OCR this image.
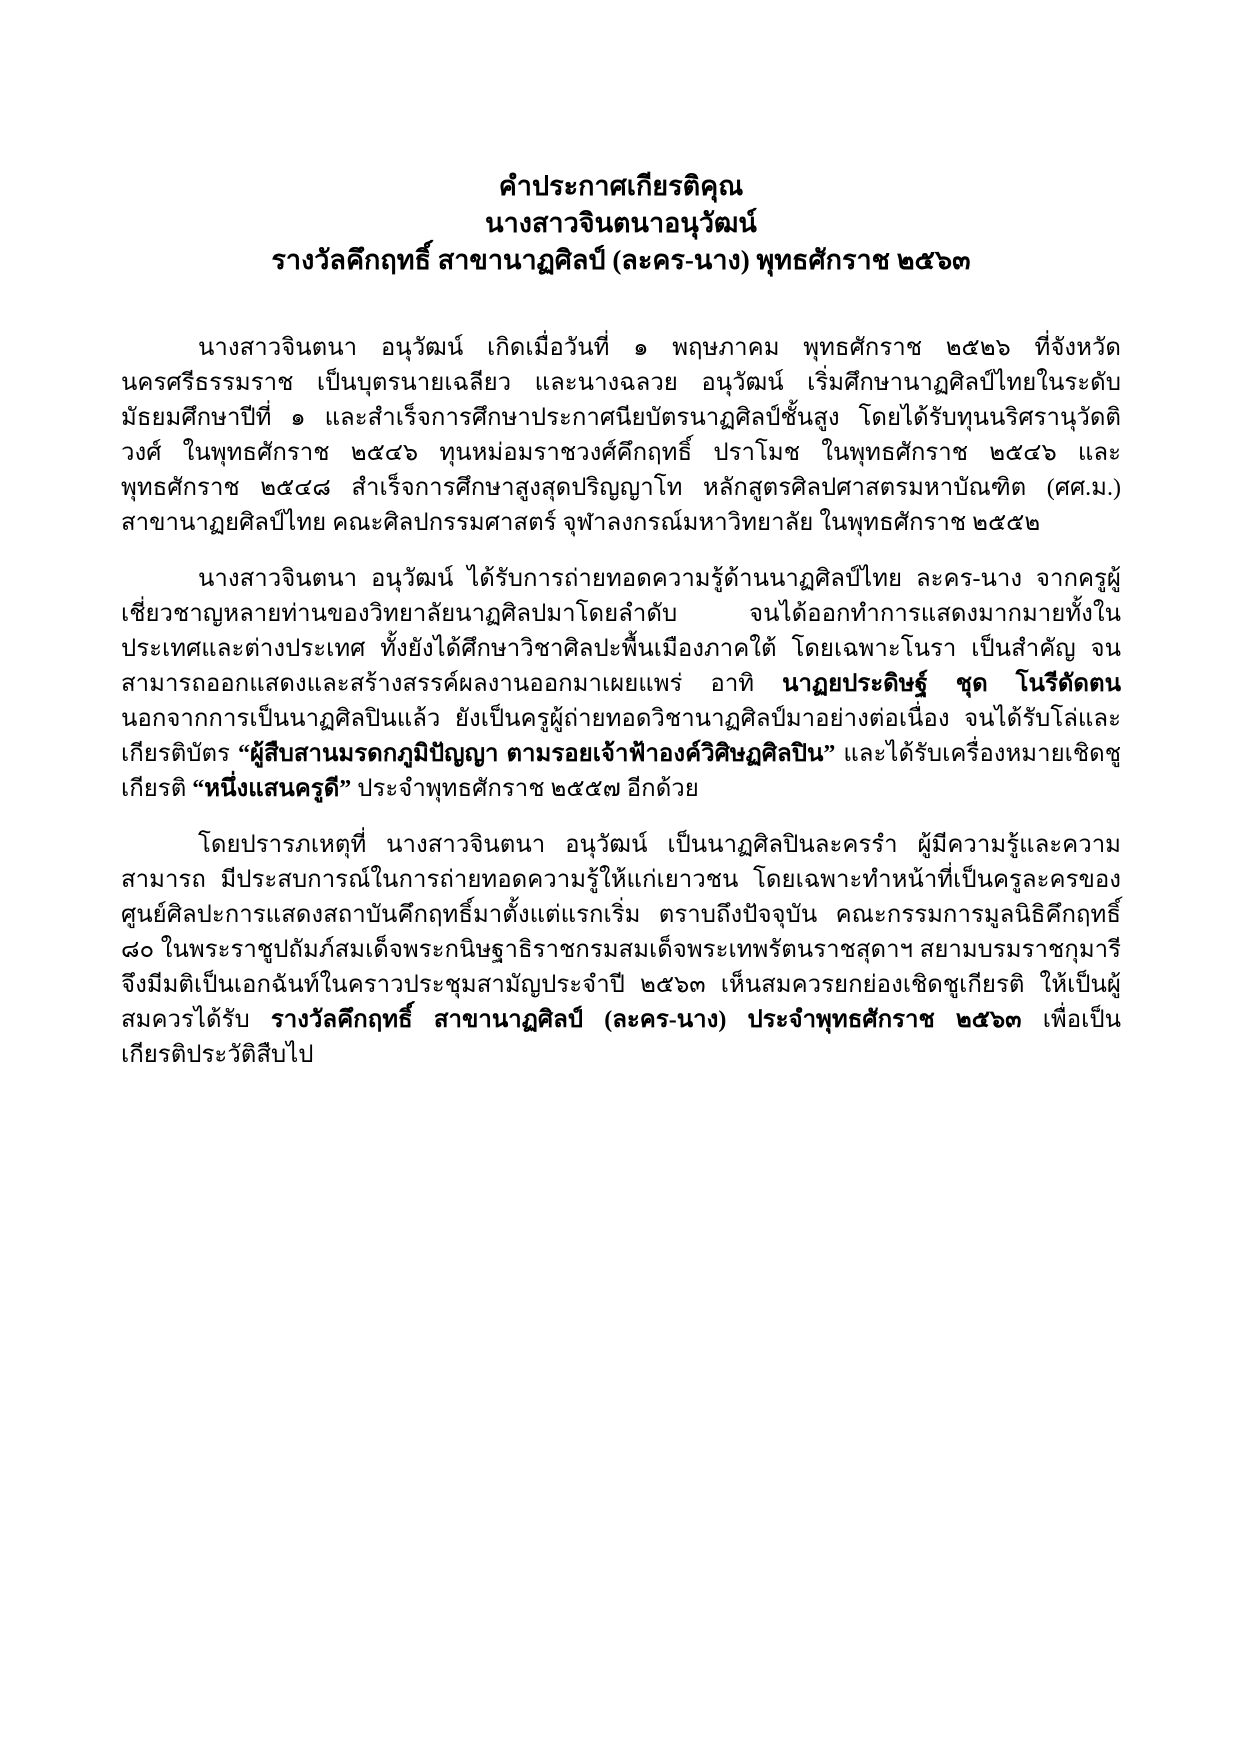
คำประกาศเกียรติคุณ
นางสาวจินตนาอนุวัฒน์
รางวัลคึกฤทธิ์ สาขานาฏศิลป์ (ละคร-นาง) พุทธศักราช ๒๕๖๓

นางสาวจินตนา อนุวัฒน์ เกิดเมื่อวันที่ ๑ พฤษภาคม พุทธศักราช ๒๕๒๖ ที่จังหวัดนครศรีธรรมราช เป็นบุตรนายเฉลียว และนางฉลวย อนุวัฒน์ เริ่มศึกษานาฏศิลป์ไทยในระดับมัธยมศึกษาปีที่ ๑ และสำเร็จการศึกษาประกาศนียบัตรนาฏศิลป์ชั้นสูง โดยได้รับทุนนริศรานุวัดติวงศ์ ในพุทธศักราช ๒๕๔๖ ทุนหม่อมราชวงศ์คึกฤทธิ์ ปราโมช ในพุทธศักราช ๒๕๔๖ และพุทธศักราช ๒๕๔๘ สำเร็จการศึกษาสูงสุดปริญญาโท หลักสูตรศิลปศาสตรมหาบัณฑิต (ศศ.ม.) สาขานาฏยศิลป์ไทย คณะศิลปกรรมศาสตร์ จุฬาลงกรณ์มหาวิทยาลัย ในพุทธศักราช ๒๕๕๒

นางสาวจินตนา อนุวัฒน์ ได้รับการถ่ายทอดความรู้ด้านนาฏศิลป์ไทย ละคร-นาง จากครูผู้เชี่ยวชาญหลายท่านของวิทยาลัยนาฏศิลปมาโดยลำดับ จนได้ออกทำการแสดงมากมายทั้งในประเทศและต่างประเทศ ทั้งยังได้ศึกษาวิชาศิลปะพื้นเมืองภาคใต้ โดยเฉพาะโนรา เป็นสำคัญ จนสามารถออกแสดงและสร้างสรรค์ผลงานออกมาเผยแพร่ อาทิ นาฏยประดิษฐ์ ชุด โนรีดัดตน นอกจากการเป็นนาฏศิลปินแล้ว ยังเป็นครูผู้ถ่ายทอดวิชานาฏศิลป์มาอย่างต่อเนื่อง จนได้รับโล่และเกียรติบัตร “ผู้สืบสานมรดกภูมิปัญญา ตามรอยเจ้าฟ้าองค์วิศิษฏศิลปิน” และได้รับเครื่องหมายเชิดชูเกียรติ “หนึ่งแสนครูดี” ประจำพุทธศักราช ๒๕๕๗ อีกด้วย

โดยปรารภเหตุที่ นางสาวจินตนา อนุวัฒน์ เป็นนาฏศิลปินละครรำ ผู้มีความรู้และความสามารถ มีประสบการณ์ในการถ่ายทอดความรู้ให้แก่เยาวชน โดยเฉพาะทำหน้าที่เป็นครูละครของศูนย์ศิลปะการแสดงสถาบันคึกฤทธิ์มาตั้งแต่แรกเริ่ม ตราบถึงปัจจุบัน คณะกรรมการมูลนิธิคึกฤทธิ์ ๘๐ ในพระราชูปถัมภ์สมเด็จพระกนิษฐาธิราชกรมสมเด็จพระเทพรัตนราชสุดาฯ สยามบรมราชกุมารี จึงมีมติเป็นเอกฉันท์ในคราวประชุมสามัญประจำปี ๒๕๖๓ เห็นสมควรยกย่องเชิดชูเกียรติ ให้เป็นผู้สมควรได้รับ รางวัลคึกฤทธิ์ สาขานาฏศิลป์ (ละคร-นาง) ประจำพุทธศักราช ๒๕๖๓ เพื่อเป็นเกียรติประวัติสืบไป
